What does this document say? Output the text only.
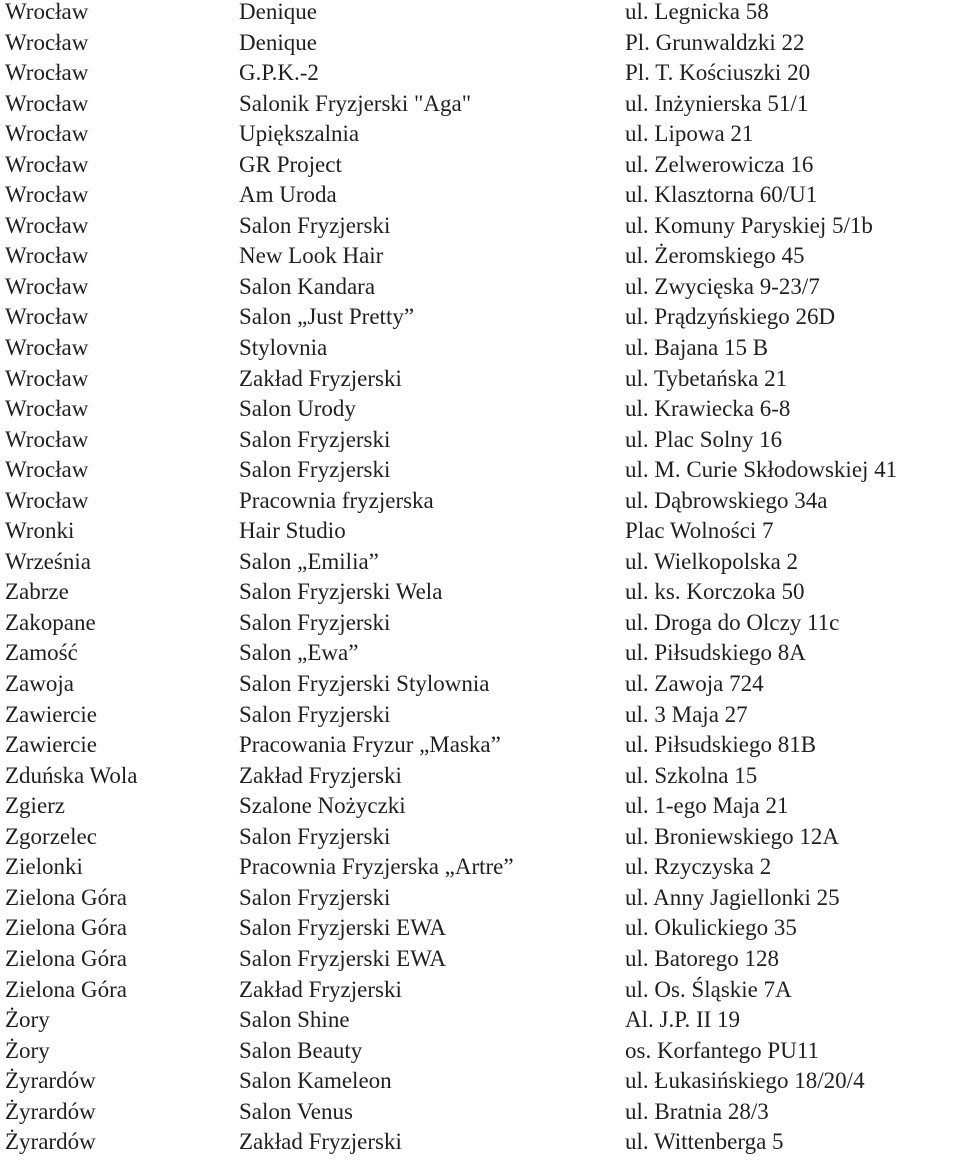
Wrocław	Denique	ul. Legnicka 58
Wrocław	Denique	Pl. Grunwaldzki 22
Wrocław	G.P.K.-2	Pl. T. Kościuszki 20
Wrocław	Salonik Fryzjerski "Aga"	ul. Inżynierska 51/1
Wrocław	Upiększalnia	ul. Lipowa 21
Wrocław	GR Project	ul. Zelwerowicza 16
Wrocław	Am Uroda	ul. Klasztorna 60/U1
Wrocław	Salon Fryzjerski	ul. Komuny Paryskiej 5/1b
Wrocław	New Look Hair	ul. Żeromskiego 45
Wrocław	Salon Kandara	ul. Zwycięska 9-23/7
Wrocław	Salon „Just Pretty”	ul. Prądzyńskiego 26D
Wrocław	Stylovnia	ul. Bajana 15 B
Wrocław	Zakład Fryzjerski	ul. Tybetańska 21
Wrocław	Salon Urody	ul. Krawiecka 6-8
Wrocław	Salon Fryzjerski	ul. Plac Solny 16
Wrocław	Salon Fryzjerski	ul. M. Curie Skłodowskiej 41
Wrocław	Pracownia fryzjerska	ul. Dąbrowskiego 34a
Wronki	Hair Studio	Plac Wolności 7
Września	Salon „Emilia”	ul. Wielkopolska 2
Zabrze	Salon Fryzjerski Wela	ul. ks. Korczoka 50
Zakopane	Salon Fryzjerski	ul. Droga do Olczy 11c
Zamość	Salon „Ewa”	ul. Piłsudskiego 8A
Zawoja	Salon Fryzjerski Stylownia	ul. Zawoja 724
Zawiercie	Salon Fryzjerski	ul. 3 Maja 27
Zawiercie	Pracowania Fryzur „Maska”	ul. Piłsudskiego 81B
Zduńska Wola	Zakład Fryzjerski	ul. Szkolna 15
Zgierz	Szalone Nożyczki	ul. 1-ego Maja 21
Zgorzelec	Salon Fryzjerski	ul. Broniewskiego 12A
Zielonki	Pracownia Fryzjerska „Artre”	ul. Rzyczyska 2
Zielona Góra	Salon Fryzjerski	ul. Anny Jagiellonki 25
Zielona Góra	Salon Fryzjerski EWA	ul. Okulickiego 35
Zielona Góra	Salon Fryzjerski EWA	ul. Batorego 128
Zielona Góra	Zakład Fryzjerski	ul. Os. Śląskie 7A
Żory	Salon Shine	Al. J.P. II 19
Żory	Salon Beauty	os. Korfantego PU11
Żyrardów	Salon Kameleon	ul. Łukasińskiego 18/20/4
Żyrardów	Salon Venus	ul. Bratnia 28/3
Żyrardów	Zakład Fryzjerski	ul. Wittenberga 5
